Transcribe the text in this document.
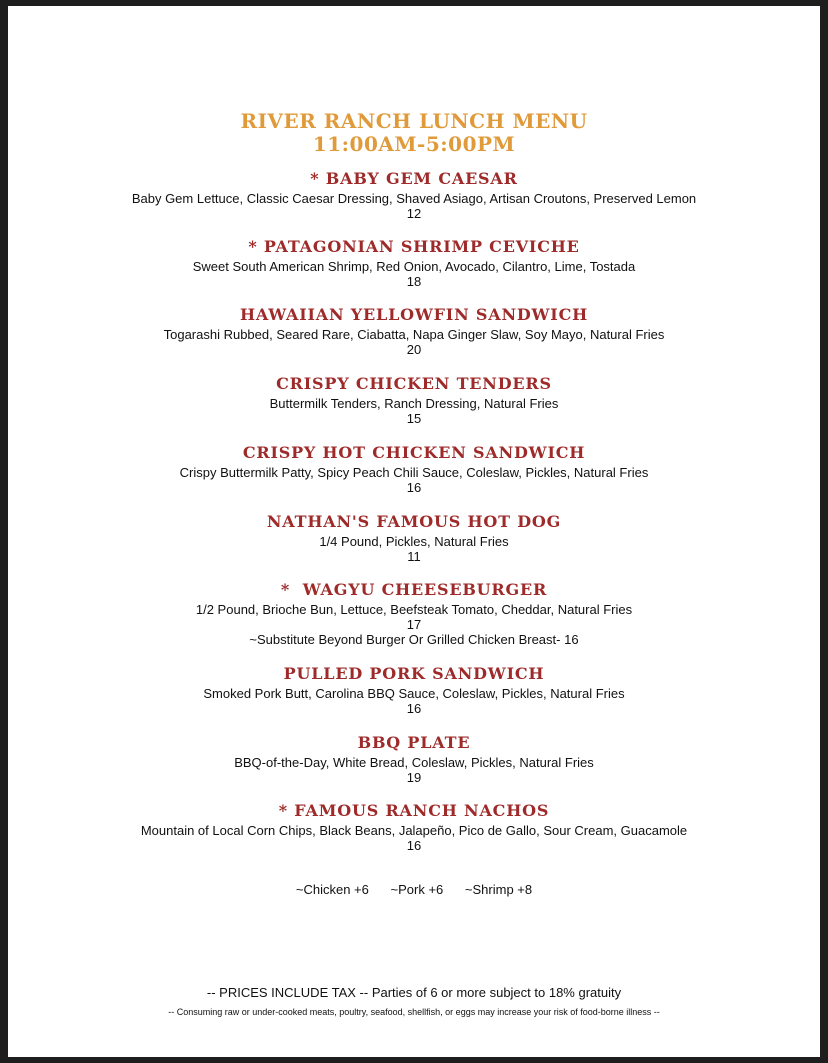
RIVER RANCH LUNCH MENU
11:00AM-5:00PM
* BABY GEM CAESAR
Baby Gem Lettuce, Classic Caesar Dressing, Shaved Asiago, Artisan Croutons, Preserved Lemon
12
* PATAGONIAN SHRIMP CEVICHE
Sweet South American Shrimp, Red Onion, Avocado, Cilantro, Lime, Tostada
18
HAWAIIAN YELLOWFIN SANDWICH
Togarashi Rubbed, Seared Rare, Ciabatta, Napa Ginger Slaw, Soy Mayo, Natural Fries
20
CRISPY CHICKEN TENDERS
Buttermilk Tenders, Ranch Dressing, Natural Fries
15
CRISPY HOT CHICKEN SANDWICH
Crispy Buttermilk Patty, Spicy Peach Chili Sauce, Coleslaw, Pickles, Natural Fries
16
NATHAN'S FAMOUS HOT DOG
1/4 Pound, Pickles, Natural Fries
11
*  WAGYU CHEESEBURGER
1/2 Pound, Brioche Bun, Lettuce, Beefsteak Tomato, Cheddar, Natural Fries
17
~Substitute Beyond Burger Or Grilled Chicken Breast- 16
PULLED PORK SANDWICH
Smoked Pork Butt, Carolina BBQ Sauce, Coleslaw, Pickles, Natural Fries
16
BBQ PLATE
BBQ-of-the-Day, White Bread, Coleslaw, Pickles, Natural Fries
19
* FAMOUS RANCH NACHOS
Mountain of Local Corn Chips, Black Beans, Jalapeño, Pico de Gallo, Sour Cream, Guacamole
16
~Chicken +6 ~Pork +6 ~Shrimp +8
-- PRICES INCLUDE TAX -- Parties of 6 or more subject to 18% gratuity
-- Consuming raw or under-cooked meats, poultry, seafood, shellfish, or eggs may increase your risk of food-borne illness --
